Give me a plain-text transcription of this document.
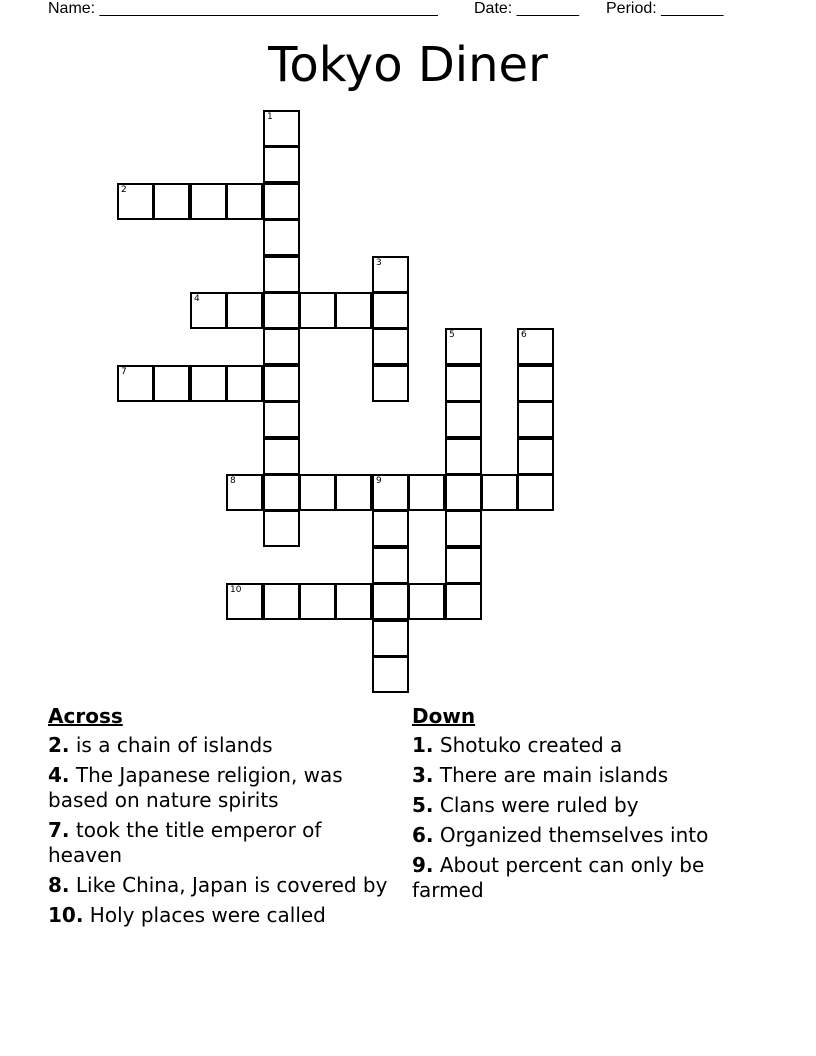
Name: ______________________________________ Date: _______ Period: _______
Tokyo Diner
1
2
3
4
5	6
7
8	9
10
Across
2. is a chain of islands
4. The Japanese religion, was based on nature spirits
7. took the title emperor of heaven
8. Like China, Japan is covered by
10. Holy places were called
Down
1. Shotuko created a
3. There are main islands
5. Clans were ruled by
6. Organized themselves into
9. About percent can only be farmed
